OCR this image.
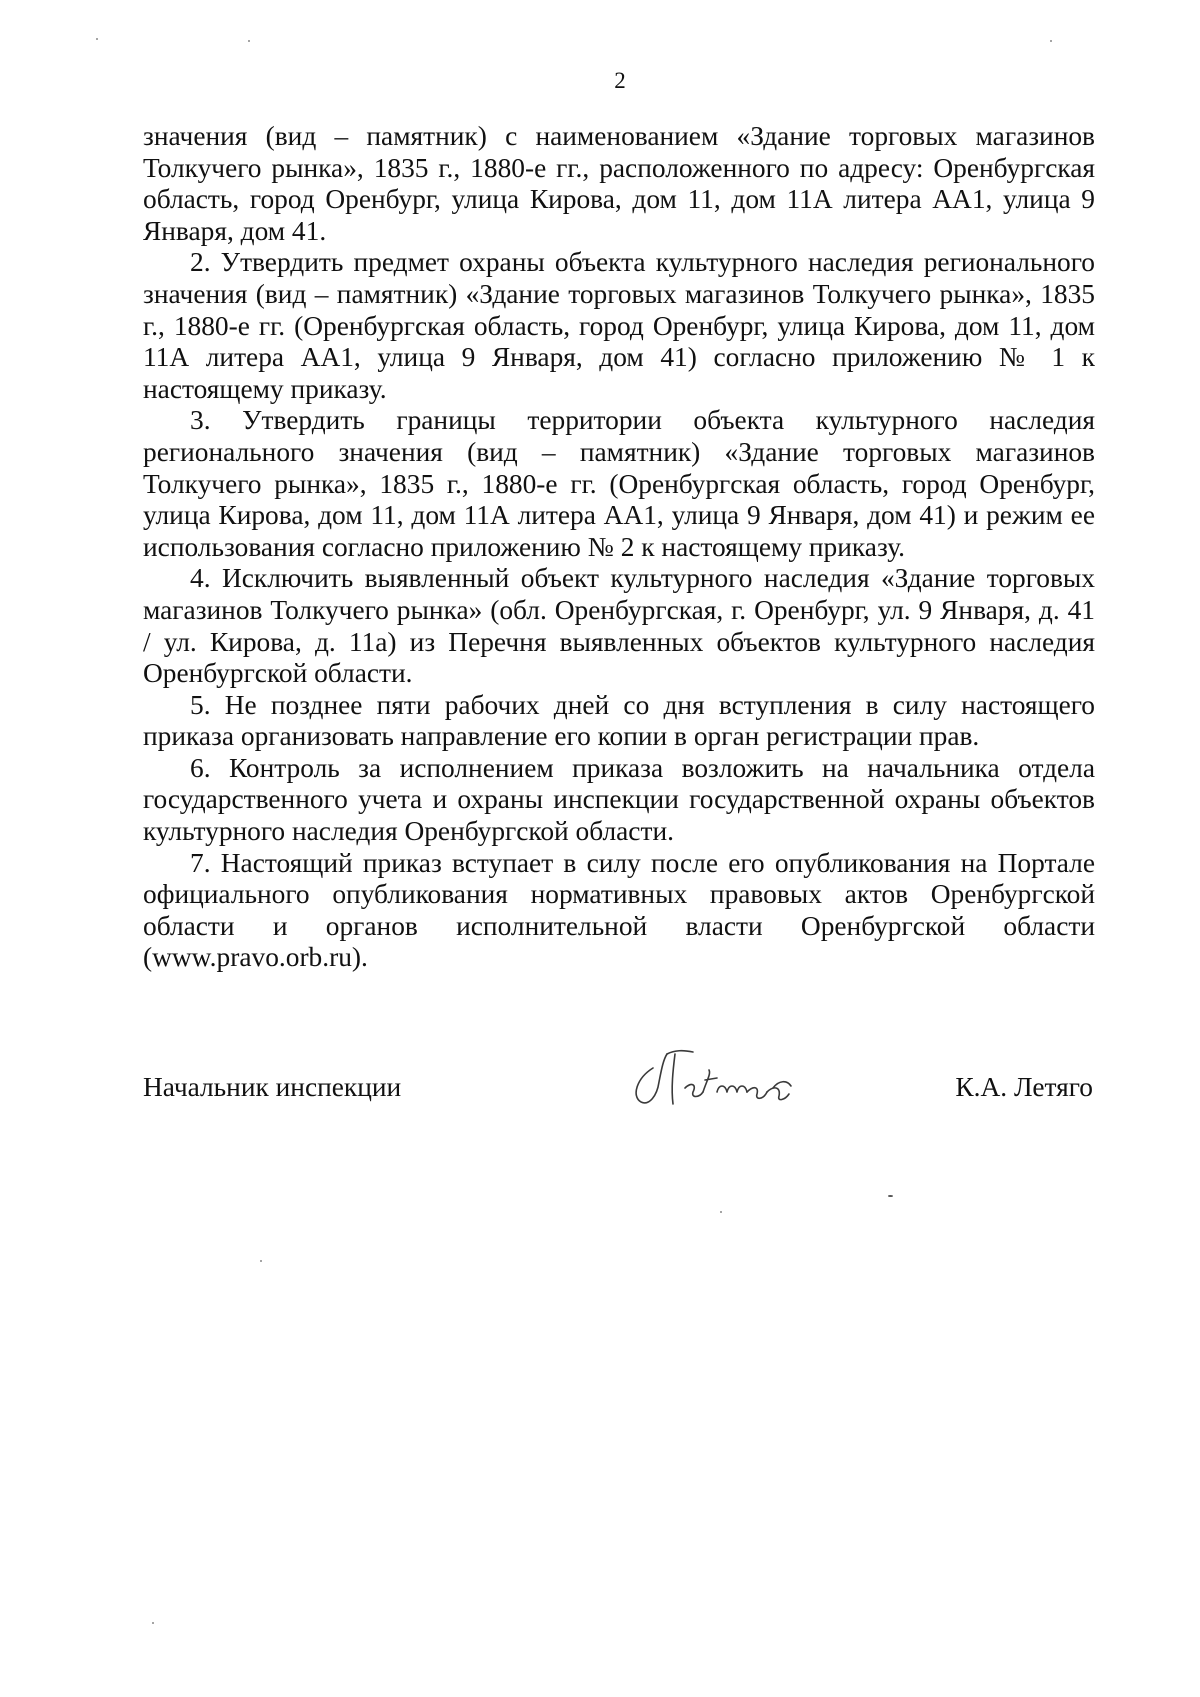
2

значения (вид – памятник) с наименованием «Здание торговых магазинов Толкучего рынка», 1835 г., 1880-е гг., расположенного по адресу: Оренбургская область, город Оренбург, улица Кирова, дом 11, дом 11А литера АА1, улица 9 Января, дом 41.

2. Утвердить предмет охраны объекта культурного наследия регионального значения (вид – памятник) «Здание торговых магазинов Толкучего рынка», 1835 г., 1880-е гг. (Оренбургская область, город Оренбург, улица Кирова, дом 11, дом 11А литера АА1, улица 9 Января, дом 41) согласно приложению № 1 к настоящему приказу.

3. Утвердить границы территории объекта культурного наследия регионального значения (вид – памятник) «Здание торговых магазинов Толкучего рынка», 1835 г., 1880-е гг. (Оренбургская область, город Оренбург, улица Кирова, дом 11, дом 11А литера АА1, улица 9 Января, дом 41) и режим ее использования согласно приложению № 2 к настоящему приказу.

4. Исключить выявленный объект культурного наследия «Здание торговых магазинов Толкучего рынка» (обл. Оренбургская, г. Оренбург, ул. 9 Января, д. 41 / ул. Кирова, д. 11а) из Перечня выявленных объектов культурного наследия Оренбургской области.

5. Не позднее пяти рабочих дней со дня вступления в силу настоящего приказа организовать направление его копии в орган регистрации прав.

6. Контроль за исполнением приказа возложить на начальника отдела государственного учета и охраны инспекции государственной охраны объектов культурного наследия Оренбургской области.

7. Настоящий приказ вступает в силу после его опубликования на Портале официального опубликования нормативных правовых актов Оренбургской области и органов исполнительной власти Оренбургской области (www.pravo.orb.ru).

Начальник инспекции	К.А. Летяго
